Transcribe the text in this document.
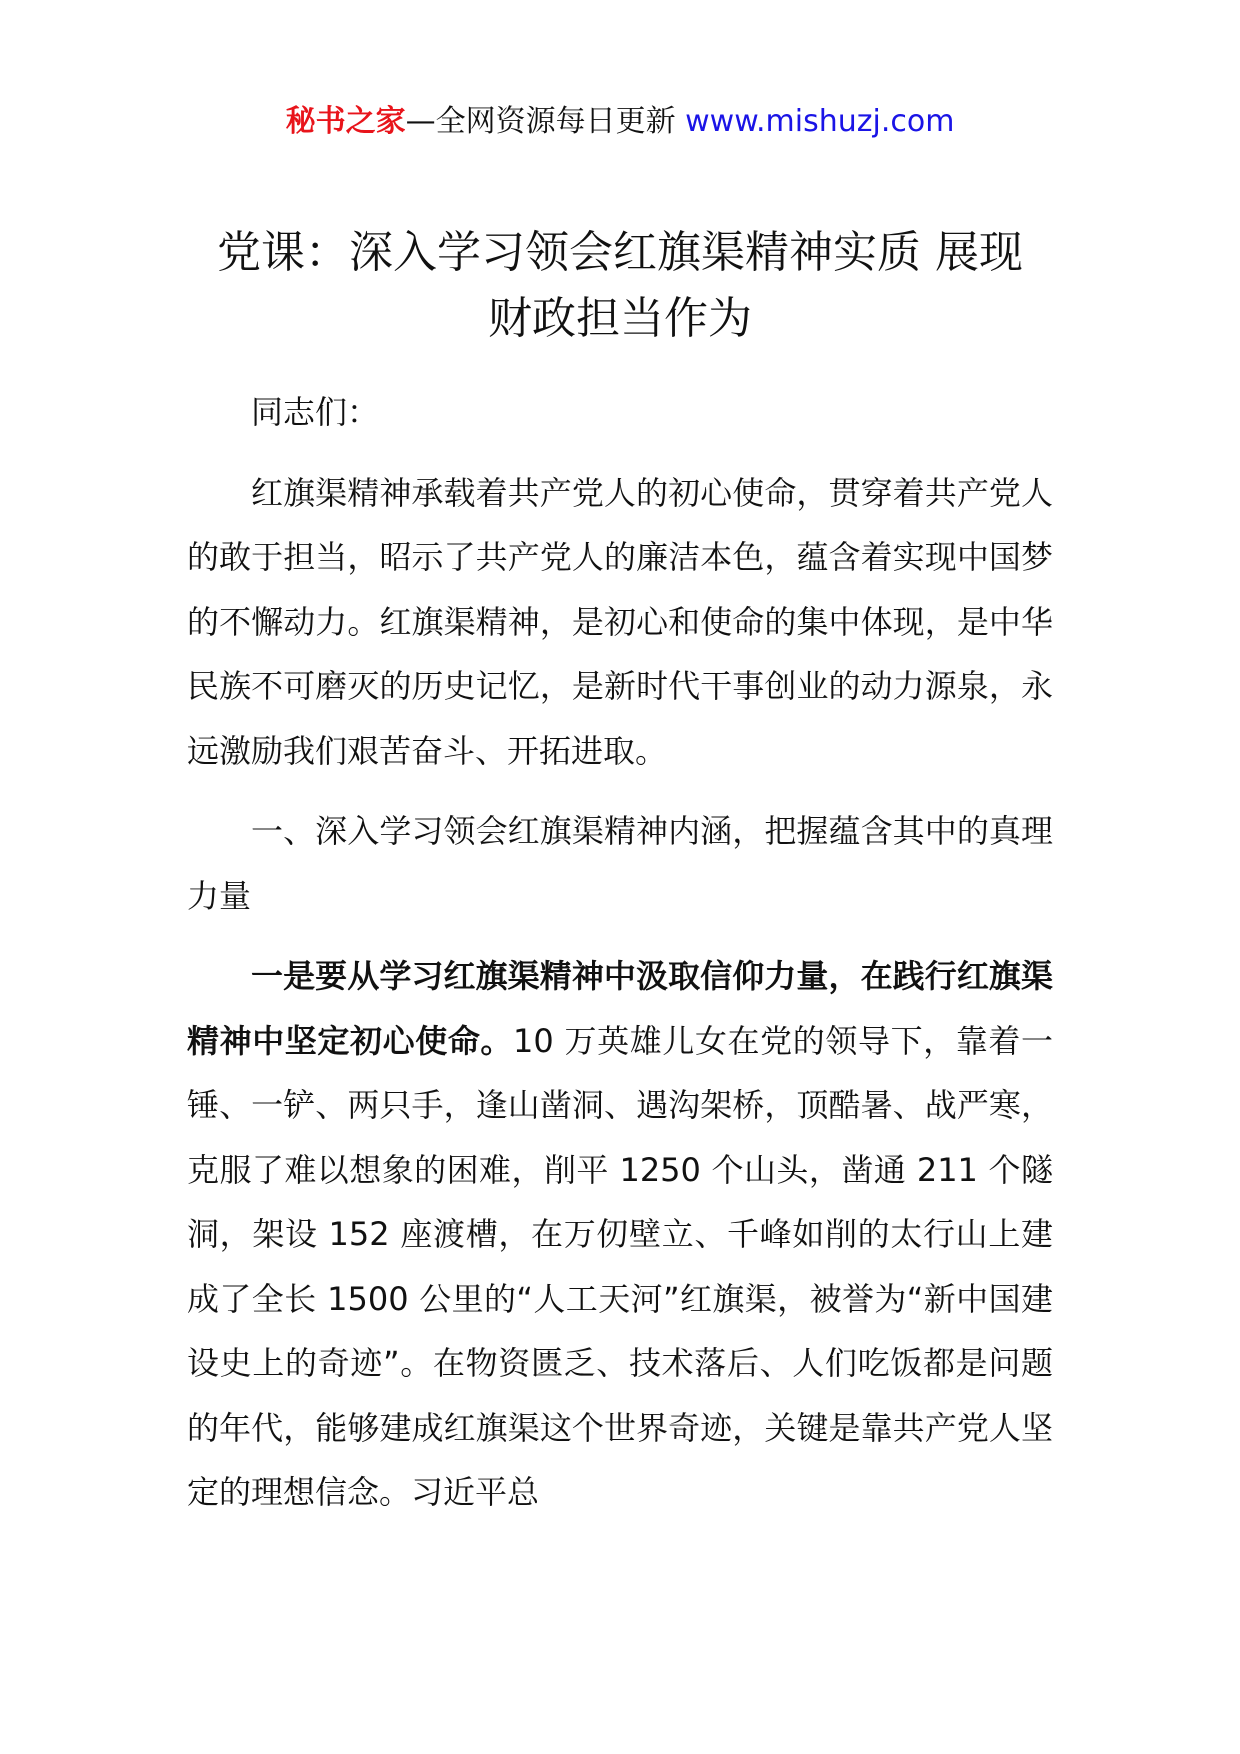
秘书之家—全网资源每日更新 www.mishuzj.com
党课：深入学习领会红旗渠精神实质 展现
财政担当作为

同志们：

红旗渠精神承载着共产党人的初心使命，贯穿着共产党人的敢于担当，昭示了共产党人的廉洁本色，蕴含着实现中国梦的不懈动力。红旗渠精神，是初心和使命的集中体现，是中华民族不可磨灭的历史记忆，是新时代干事创业的动力源泉，永远激励我们艰苦奋斗、开拓进取。

一、深入学习领会红旗渠精神内涵，把握蕴含其中的真理力量

一是要从学习红旗渠精神中汲取信仰力量，在践行红旗渠精神中坚定初心使命。10 万英雄儿女在党的领导下，靠着一锤、一铲、两只手，逢山凿洞、遇沟架桥，顶酷暑、战严寒，克服了难以想象的困难，削平 1250 个山头，凿通 211 个隧洞，架设 152 座渡槽，在万仞壁立、千峰如削的太行山上建成了全长 1500 公里的“人工天河”红旗渠，被誉为“新中国建设史上的奇迹”。在物资匮乏、技术落后、人们吃饭都是问题的年代，能够建成红旗渠这个世界奇迹，关键是靠共产党人坚定的理想信念。习近平总
